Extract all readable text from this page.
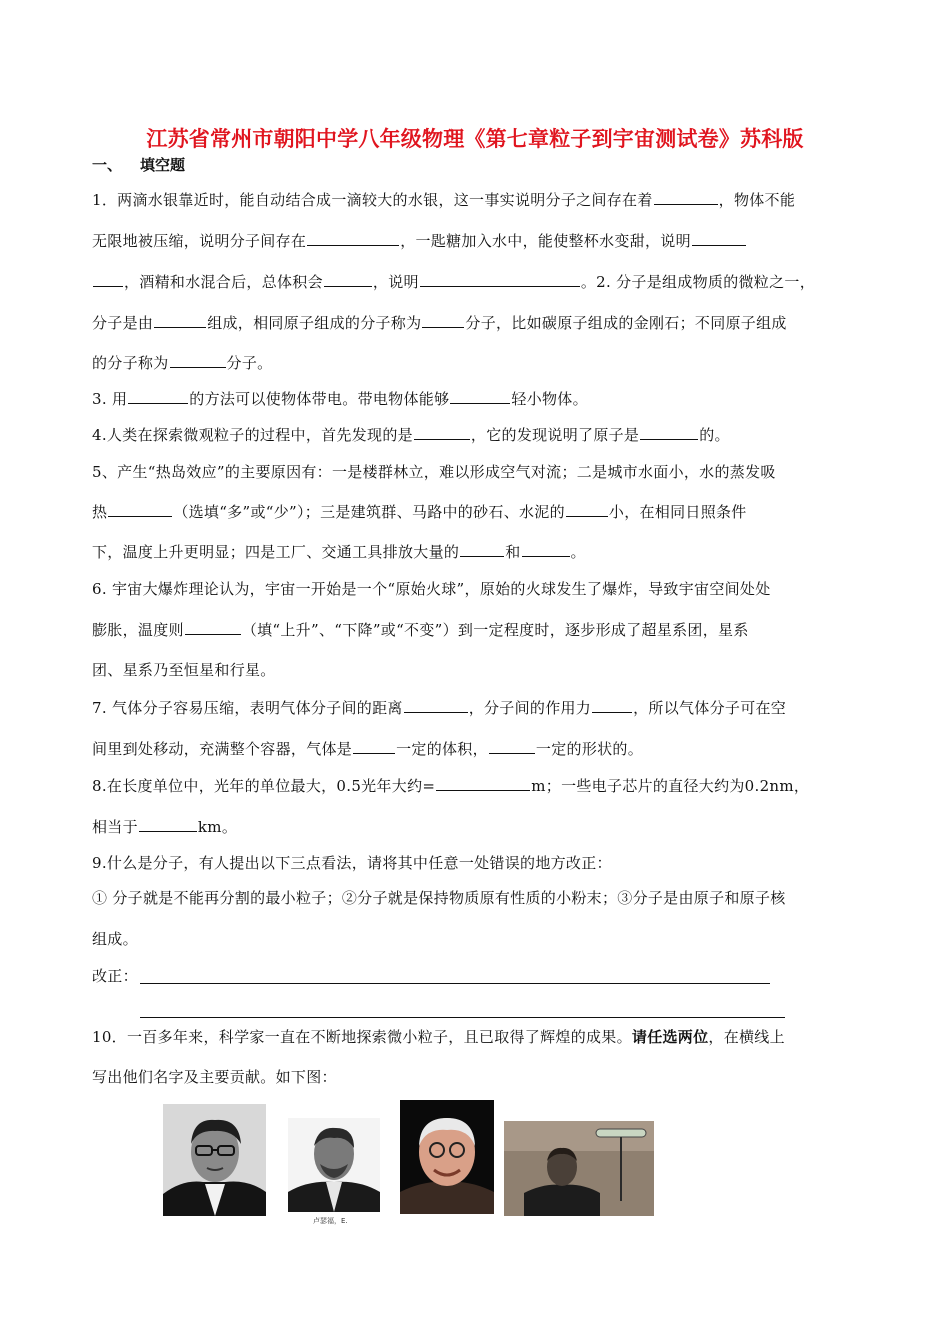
江苏省常州市朝阳中学八年级物理《第七章粒子到宇宙测试卷》苏科版
一、 填空题
1．两滴水银靠近时，能自动结合成一滴较大的水银，这一事实说明分子之间存在着	，物体不能
无限地被压缩，说明分子间存在	，一匙糖加入水中，能使整杯水变甜，说明
，酒精和水混合后，总体积会	，说明	。2. 分子是组成物质的微粒之一，
分子是由	组成，相同原子组成的分子称为	分子，比如碳原子组成的金刚石；不同原子组成
的分子称为	分子。
3. 用	的方法可以使物体带电。带电物体能够	轻小物体。
4.人类在探索微观粒子的过程中，首先发现的是	，它的发现说明了原子是	的。
5、产生“热岛效应”的主要原因有：一是楼群林立，难以形成空气对流；二是城市水面小，水的蒸发吸
热	（选填“多”或“少”）；三是建筑群、马路中的砂石、水泥的	小，在相同日照条件
下，温度上升更明显；四是工厂、交通工具排放大量的	和	。
6. 宇宙大爆炸理论认为，宇宙一开始是一个“原始火球”，原始的火球发生了爆炸，导致宇宙空间处处
膨胀，温度则	（填“上升”、“下降”或“不变”）到一定程度时，逐步形成了超星系团，星系
团、星系乃至恒星和行星。
7. 气体分子容易压缩，表明气体分子间的距离	，分子间的作用力	，所以气体分子可在空
间里到处移动，充满整个容器，气体是	一定的体积，	一定的形状的。
8.在长度单位中，光年的单位最大，0.5光年大约=	m；一些电子芯片的直径大约为0.2nm，
相当于	km。
9.什么是分子，有人提出以下三点看法，请将其中任意一处错误的地方改正：
① 分子就是不能再分割的最小粒子；②分子就是保持物质原有性质的小粉末；③分子是由原子和原子核
组成。
改正：
10．一百多年来，科学家一直在不断地探索微小粒子，且已取得了辉煌的成果。请任选两位，在横线上
写出他们名字及主要贡献。如下图：
卢瑟福，E.
